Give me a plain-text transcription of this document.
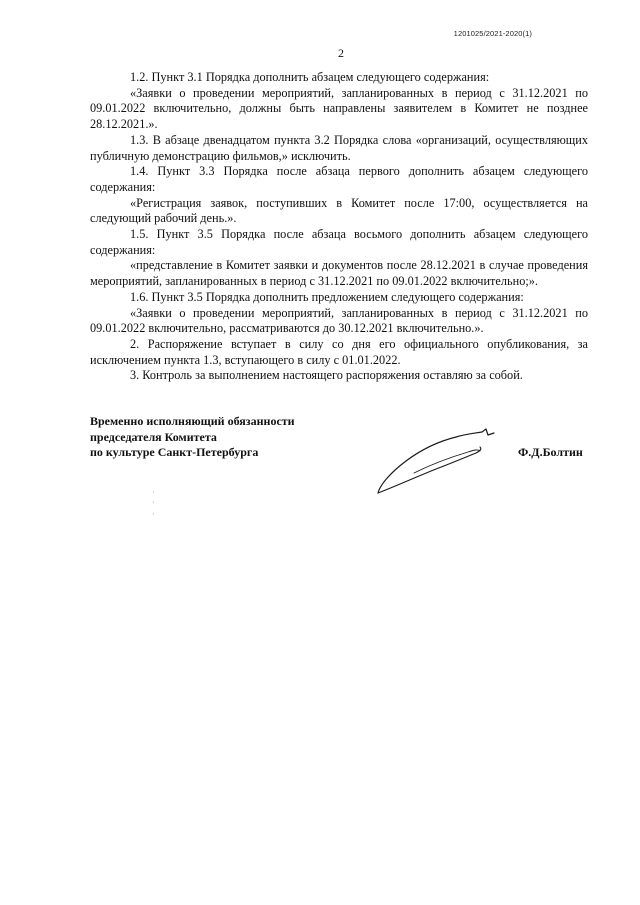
1201025/2021-2020(1)
2

1.2. Пункт 3.1 Порядка дополнить абзацем следующего содержания:

«Заявки о проведении мероприятий, запланированных в период с 31.12.2021 по 09.01.2022 включительно, должны быть направлены заявителем в Комитет не позднее 28.12.2021.».

1.3. В абзаце двенадцатом пункта 3.2 Порядка слова «организаций, осуществляющих публичную демонстрацию фильмов,» исключить.

1.4. Пункт 3.3 Порядка после абзаца первого дополнить абзацем следующего содержания:

«Регистрация заявок, поступивших в Комитет после 17:00, осуществляется на следующий рабочий день.».

1.5. Пункт 3.5 Порядка после абзаца восьмого дополнить абзацем следующего содержания:

«представление в Комитет заявки и документов после 28.12.2021 в случае проведения мероприятий, запланированных в период с 31.12.2021 по 09.01.2022 включительно;».

1.6. Пункт 3.5 Порядка дополнить предложением следующего содержания:

«Заявки о проведении мероприятий, запланированных в период с 31.12.2021 по 09.01.2022 включительно, рассматриваются до 30.12.2021 включительно.».

2. Распоряжение вступает в силу со дня его официального опубликования, за исключением пункта 1.3, вступающего в силу с 01.01.2022.

3. Контроль за выполнением настоящего распоряжения оставляю за собой.

Временно исполняющий обязанности
председателя Комитета
по культуре Санкт-Петербурга	Ф.Д.Болтин
